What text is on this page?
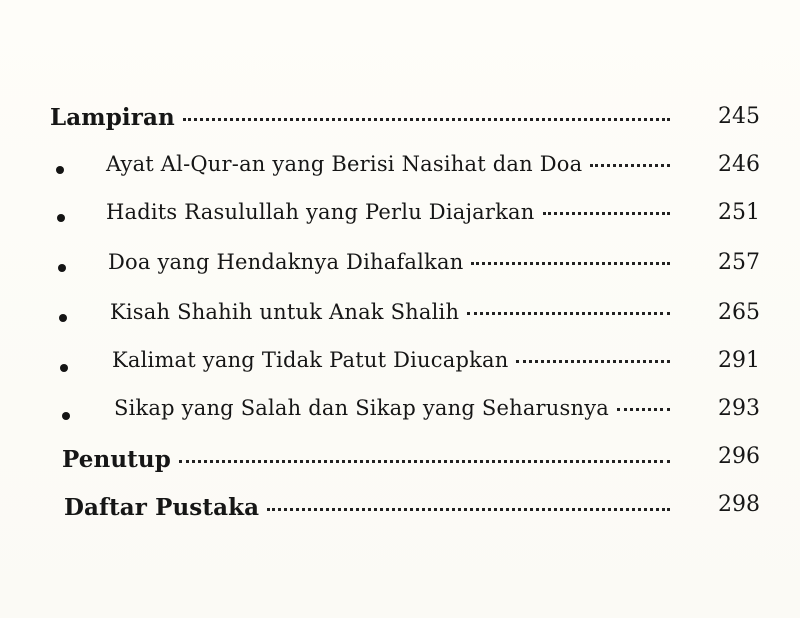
Lampiran	245
Ayat Al-Qur-an yang Berisi Nasihat dan Doa	246
Hadits Rasulullah yang Perlu Diajarkan	251
Doa yang Hendaknya Dihafalkan	257
Kisah Shahih untuk Anak Shalih	265
Kalimat yang Tidak Patut Diucapkan	291
Sikap yang Salah dan Sikap yang Seharusnya	293
Penutup	296
Daftar Pustaka	298
